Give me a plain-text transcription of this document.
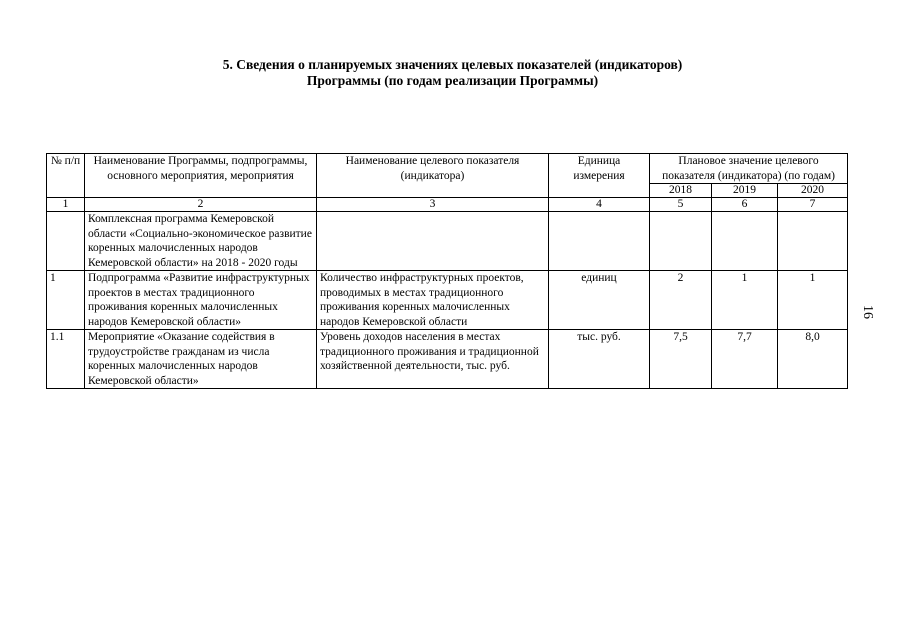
5. Сведения о планируемых значениях целевых показателей (индикаторов)
Программы (по годам реализации Программы)
16
№ п/п	Наименование Программы, подпрограммы, основного мероприятия, мероприятия	Наименование целевого показателя (индикатора)	Единица измерения	Плановое значение целевого показателя (индикатора) (по годам)		
				2018	2019	2020
1	2	3	4	5	6	7
	Комплексная программа Кемеровской области «Социально-экономическое развитие коренных малочисленных народов Кемеровской области» на 2018 - 2020 годы					
1	Подпрограмма «Развитие инфраструктурных проектов в местах традиционного проживания коренных малочисленных народов Кемеровской области»	Количество инфраструктурных проектов, проводимых в местах традиционного проживания коренных малочисленных народов Кемеровской области	единиц	2	1	1
1.1	Мероприятие «Оказание содействия в трудоустройстве гражданам из числа коренных малочисленных народов Кемеровской области»	Уровень доходов населения в местах традиционного проживания и традиционной хозяйственной деятельности, тыс. руб.	тыс. руб.	7,5	7,7	8,0
